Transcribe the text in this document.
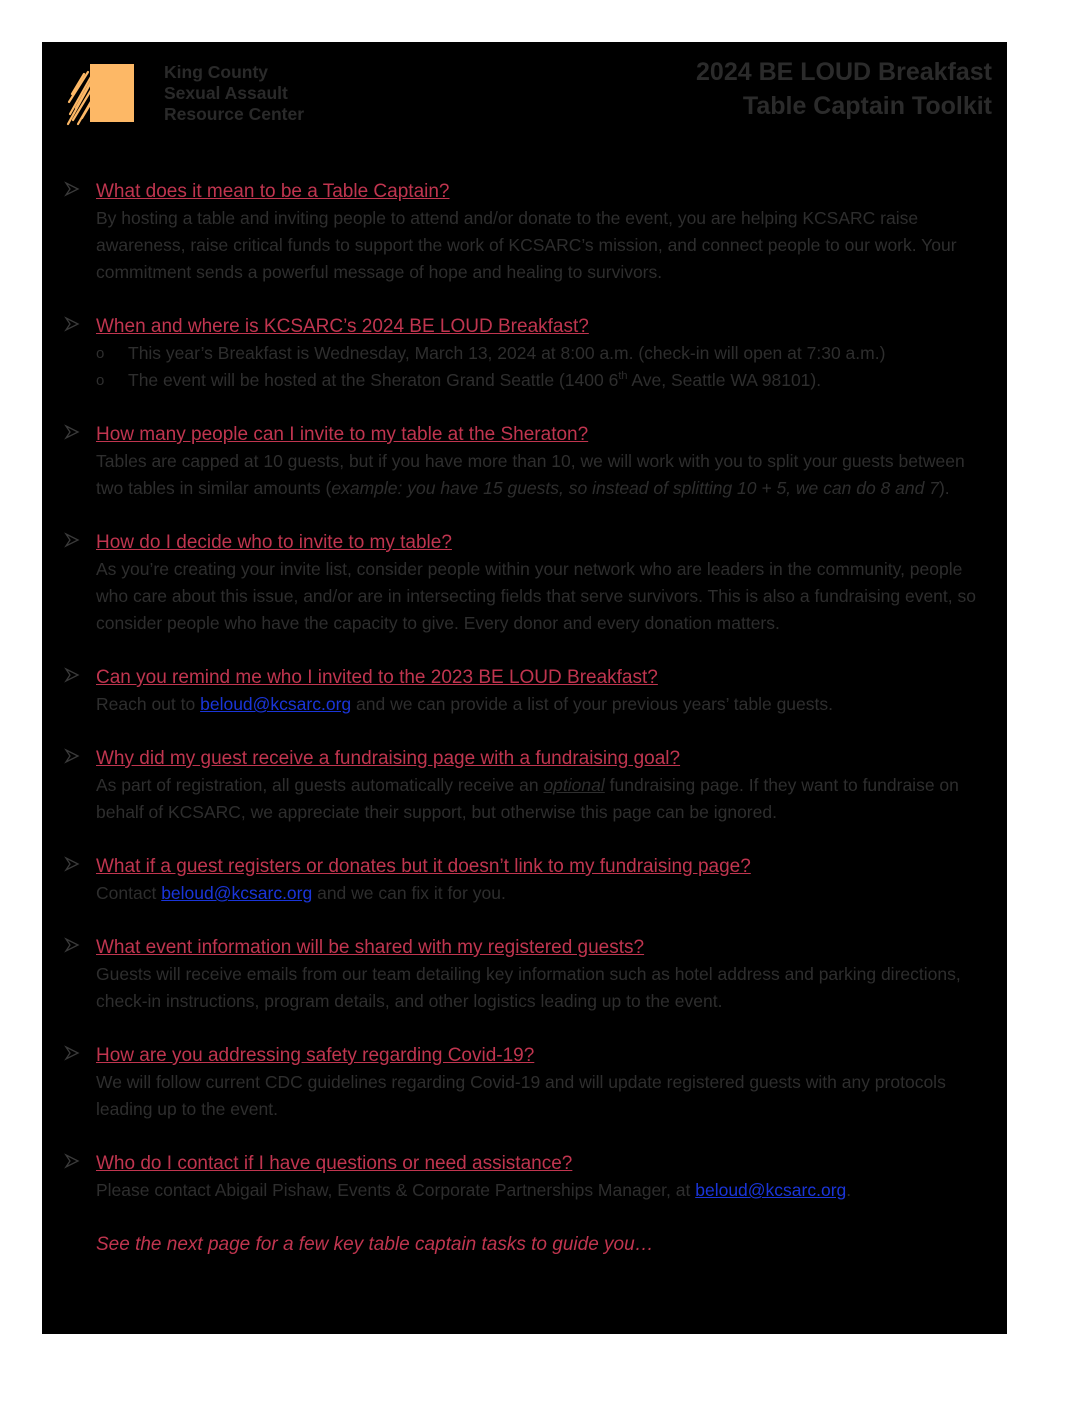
King County
Sexual Assault
Resource Center
2024 BE LOUD Breakfast
Table Captain Toolkit
What does it mean to be a Table Captain?
By hosting a table and inviting people to attend and/or donate to the event, you are helping KCSARC raise awareness, raise critical funds to support the work of KCSARC’s mission, and connect people to our work. Your commitment sends a powerful message of hope and healing to survivors.
When and where is KCSARC’s 2024 BE LOUD Breakfast?
o This year’s Breakfast is Wednesday, March 13, 2024 at 8:00 a.m. (check-in will open at 7:30 a.m.)
o The event will be hosted at the Sheraton Grand Seattle (1400 6th Ave, Seattle WA 98101).
How many people can I invite to my table at the Sheraton?
Tables are capped at 10 guests, but if you have more than 10, we will work with you to split your guests between two tables in similar amounts (example: you have 15 guests, so instead of splitting 10 + 5, we can do 8 and 7).
How do I decide who to invite to my table?
As you’re creating your invite list, consider people within your network who are leaders in the community, people who care about this issue, and/or are in intersecting fields that serve survivors. This is also a fundraising event, so consider people who have the capacity to give. Every donor and every donation matters.
Can you remind me who I invited to the 2023 BE LOUD Breakfast?
Reach out to beloud@kcsarc.org and we can provide a list of your previous years’ table guests.
Why did my guest receive a fundraising page with a fundraising goal?
As part of registration, all guests automatically receive an optional fundraising page. If they want to fundraise on behalf of KCSARC, we appreciate their support, but otherwise this page can be ignored.
What if a guest registers or donates but it doesn’t link to my fundraising page?
Contact beloud@kcsarc.org and we can fix it for you.
What event information will be shared with my registered guests?
Guests will receive emails from our team detailing key information such as hotel address and parking directions, check-in instructions, program details, and other logistics leading up to the event.
How are you addressing safety regarding Covid-19?
We will follow current CDC guidelines regarding Covid-19 and will update registered guests with any protocols leading up to the event.
Who do I contact if I have questions or need assistance?
Please contact Abigail Pishaw, Events & Corporate Partnerships Manager, at beloud@kcsarc.org.
See the next page for a few key table captain tasks to guide you…
